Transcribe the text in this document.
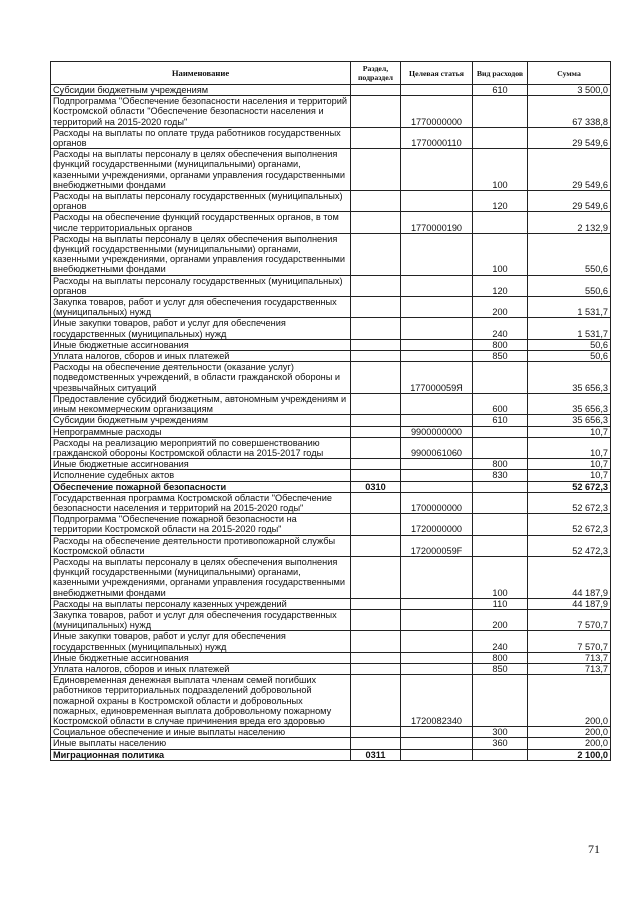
Наименование	Раздел, подраздел	Целевая статья	Вид расходов	Сумма
Субсидии бюджетным учреждениям			610	3 500,0
Подпрограмма "Обеспечение безопасности населения и территорий Костромской области "Обеспечение безопасности населения и территорий на 2015-2020 годы"		1770000000		67 338,8
Расходы на выплаты по оплате труда работников государственных органов		1770000110		29 549,6
Расходы на выплаты персоналу в целях обеспечения выполнения функций государственными (муниципальными) органами, казенными учреждениями, органами управления государственными внебюджетными фондами			100	29 549,6
Расходы на выплаты персоналу государственных (муниципальных) органов			120	29 549,6
Расходы на обеспечение функций государственных органов, в том числе территориальных органов		1770000190		2 132,9
Расходы на выплаты персоналу в целях обеспечения выполнения функций государственными (муниципальными) органами, казенными учреждениями, органами управления государственными внебюджетными фондами			100	550,6
Расходы на выплаты персоналу государственных (муниципальных) органов			120	550,6
Закупка товаров, работ и услуг для обеспечения государственных (муниципальных) нужд			200	1 531,7
Иные закупки товаров, работ и услуг для обеспечения государственных (муниципальных) нужд			240	1 531,7
Иные бюджетные ассигнования			800	50,6
Уплата налогов, сборов и иных платежей			850	50,6
Расходы на обеспечение деятельности (оказание услуг) подведомственных учреждений, в области гражданской обороны и чрезвычайных ситуаций		177000059Я		35 656,3
Предоставление субсидий бюджетным, автономным учреждениям и иным некоммерческим организациям			600	35 656,3
Субсидии бюджетным учреждениям			610	35 656,3
Непрограммные расходы		9900000000		10,7
Расходы на реализацию мероприятий по совершенствованию гражданской обороны Костромской области на 2015-2017 годы		9900061060		10,7
Иные бюджетные ассигнования			800	10,7
Исполнение судебных актов			830	10,7
Обеспечение пожарной безопасности	0310			52 672,3
Государственная программа Костромской области "Обеспечение безопасности населения и территорий на 2015-2020 годы"		1700000000		52 672,3
Подпрограмма "Обеспечение пожарной безопасности на территории Костромской области на 2015-2020 годы"		1720000000		52 672,3
Расходы на обеспечение деятельности противопожарной службы Костромской области		172000059F		52 472,3
Расходы на выплаты персоналу в целях обеспечения выполнения функций государственными (муниципальными) органами, казенными учреждениями, органами управления государственными внебюджетными фондами			100	44 187,9
Расходы на выплаты персоналу казенных учреждений			110	44 187,9
Закупка товаров, работ и услуг для обеспечения государственных (муниципальных) нужд			200	7 570,7
Иные закупки товаров, работ и услуг для обеспечения государственных (муниципальных) нужд			240	7 570,7
Иные бюджетные ассигнования			800	713,7
Уплата налогов, сборов и иных платежей			850	713,7
Единовременная денежная выплата членам семей погибших работников территориальных подразделений добровольной пожарной охраны в Костромской области и добровольных пожарных, единовременная выплата добровольному пожарному Костромской области в случае причинения вреда его здоровью		1720082340		200,0
Социальное обеспечение и иные выплаты населению			300	200,0
Иные выплаты населению			360	200,0
Миграционная политика	0311			2 100,0
71
